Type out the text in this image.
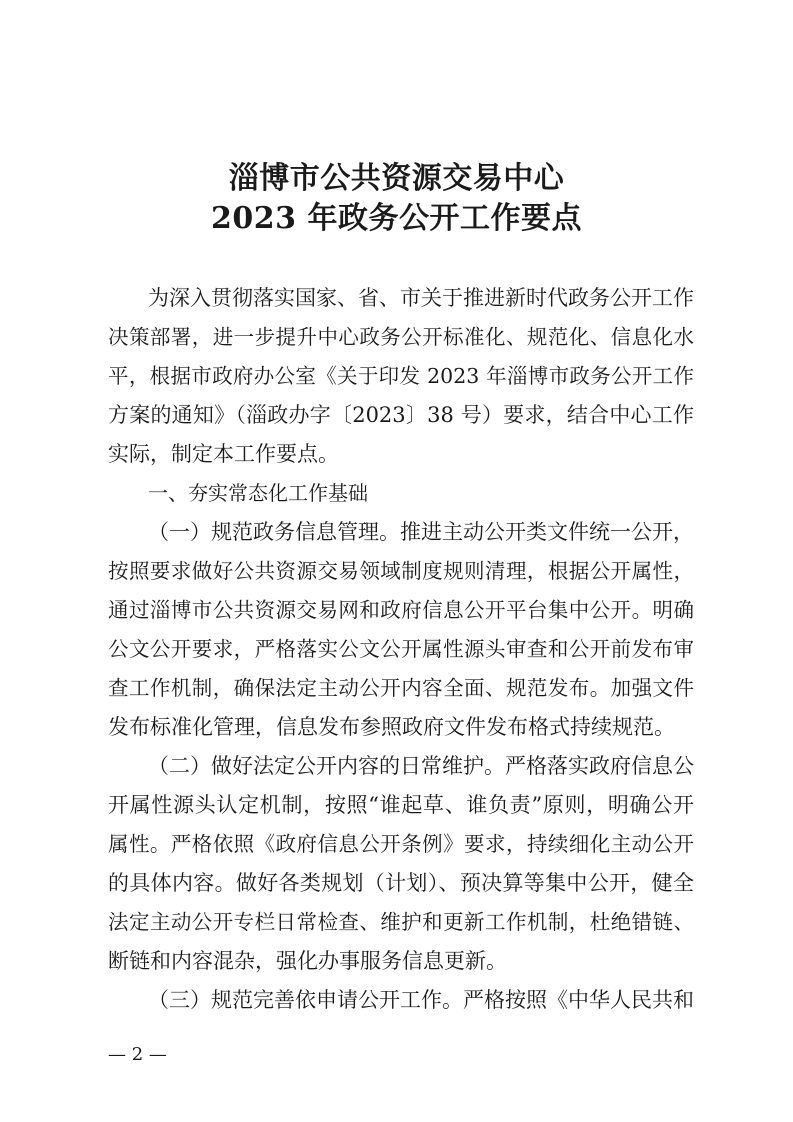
淄博市公共资源交易中心
2023 年政务公开工作要点
为深入贯彻落实国家、省、市关于推进新时代政务公开工作
决策部署，进一步提升中心政务公开标准化、规范化、信息化水
平，根据市政府办公室《关于印发 2023 年淄博市政务公开工作
方案的通知》（淄政办字〔2023〕38 号）要求，结合中心工作
实际，制定本工作要点。
一、夯实常态化工作基础
（一）规范政务信息管理。推进主动公开类文件统一公开，
按照要求做好公共资源交易领域制度规则清理，根据公开属性，
通过淄博市公共资源交易网和政府信息公开平台集中公开。明确
公文公开要求，严格落实公文公开属性源头审查和公开前发布审
查工作机制，确保法定主动公开内容全面、规范发布。加强文件
发布标准化管理，信息发布参照政府文件发布格式持续规范。
（二）做好法定公开内容的日常维护。严格落实政府信息公
开属性源头认定机制，按照“谁起草、谁负责”原则，明确公开
属性。严格依照《政府信息公开条例》要求，持续细化主动公开
的具体内容。做好各类规划（计划）、预决算等集中公开，健全
法定主动公开专栏日常检查、维护和更新工作机制，杜绝错链、
断链和内容混杂，强化办事服务信息更新。
（三）规范完善依申请公开工作。严格按照《中华人民共和
— 2 —
